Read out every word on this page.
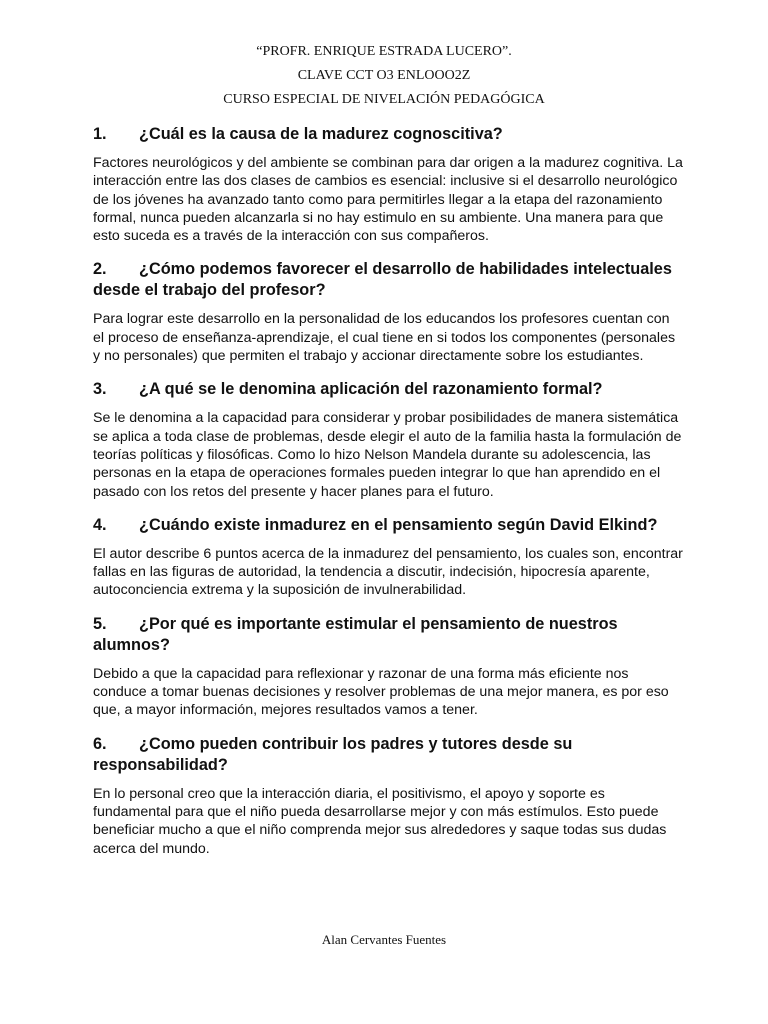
“PROFR. ENRIQUE ESTRADA LUCERO”.
CLAVE CCT O3 ENLOOO2Z
CURSO ESPECIAL DE NIVELACIÓN PEDAGÓGICA

1. ¿Cuál es la causa de la madurez cognoscitiva?

Factores neurológicos y del ambiente se combinan para dar origen a la madurez cognitiva. La interacción entre las dos clases de cambios es esencial: inclusive si el desarrollo neurológico de los jóvenes ha avanzado tanto como para permitirles llegar a la etapa del razonamiento formal, nunca pueden alcanzarla si no hay estimulo en su ambiente. Una manera para que esto suceda es a través de la interacción con sus compañeros.

2. ¿Cómo podemos favorecer el desarrollo de habilidades intelectuales desde el trabajo del profesor?

Para lograr este desarrollo en la personalidad de los educandos los profesores cuentan con el proceso de enseñanza-aprendizaje, el cual tiene en si todos los componentes (personales y no personales) que permiten el trabajo y accionar directamente sobre los estudiantes.

3. ¿A qué se le denomina aplicación del razonamiento formal?

Se le denomina a la capacidad para considerar y probar posibilidades de manera sistemática se aplica a toda clase de problemas, desde elegir el auto de la familia hasta la formulación de teorías políticas y filosóficas. Como lo hizo Nelson Mandela durante su adolescencia, las personas en la etapa de operaciones formales pueden integrar lo que han aprendido en el pasado con los retos del presente y hacer planes para el futuro.

4. ¿Cuándo existe inmadurez en el pensamiento según David Elkind?

El autor describe 6 puntos acerca de la inmadurez del pensamiento, los cuales son, encontrar fallas en las figuras de autoridad, la tendencia a discutir, indecisión, hipocresía aparente, autoconciencia extrema y la suposición de invulnerabilidad.

5. ¿Por qué es importante estimular el pensamiento de nuestros alumnos?

Debido a que la capacidad para reflexionar y razonar de una forma más eficiente nos conduce a tomar buenas decisiones y resolver problemas de una mejor manera, es por eso que, a mayor información, mejores resultados vamos a tener.

6. ¿Como pueden contribuir los padres y tutores desde su responsabilidad?

En lo personal creo que la interacción diaria, el positivismo, el apoyo y soporte es fundamental para que el niño pueda desarrollarse mejor y con más estímulos. Esto puede beneficiar mucho a que el niño comprenda mejor sus alrededores y saque todas sus dudas acerca del mundo.

Alan Cervantes Fuentes
